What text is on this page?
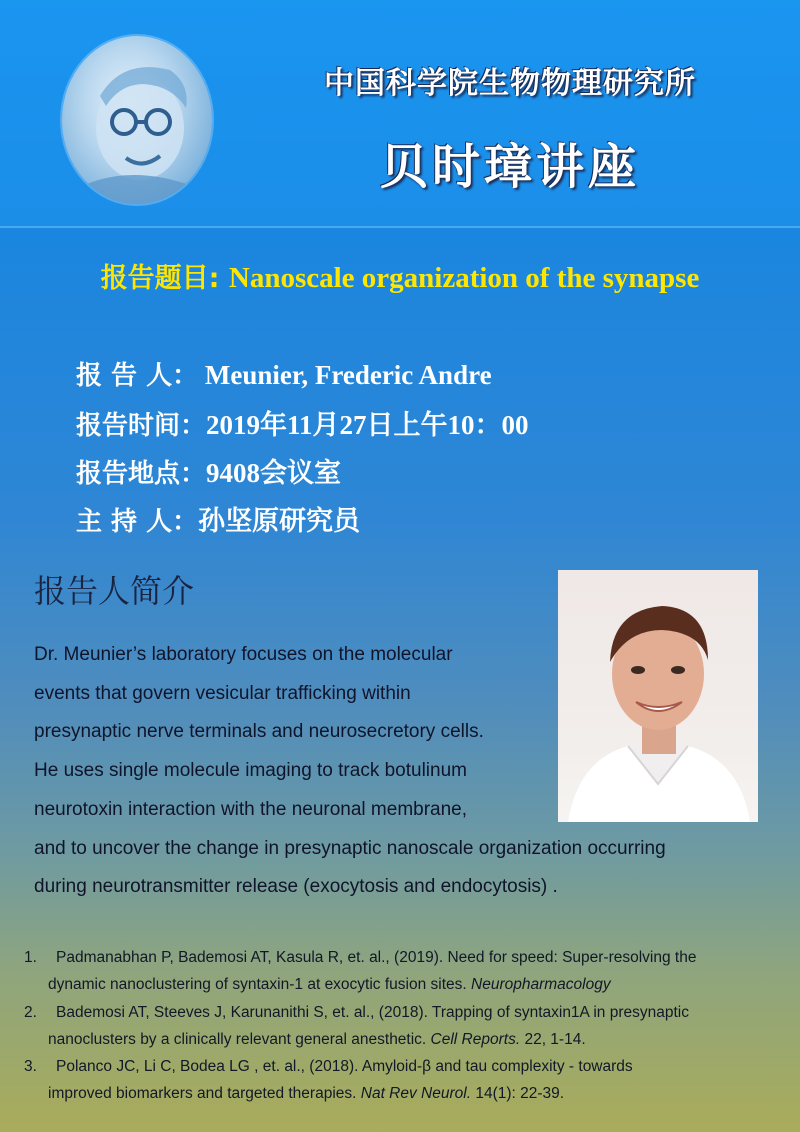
中国科学院生物物理研究所
贝时璋讲座
报告题目: Nanoscale organization of the synapse
报 告 人： Meunier, Frederic Andre
报告时间：2019年11月27日上午10：00
报告地点：9408会议室
主 持 人：孙坚原研究员
报告人简介
Dr. Meunier’s laboratory focuses on the molecular
events that govern vesicular trafficking within
presynaptic nerve terminals and neurosecretory cells.
He uses single molecule imaging to track botulinum
neurotoxin interaction with the neuronal membrane,
and to uncover the change in presynaptic nanoscale organization occurring
during neurotransmitter release (exocytosis and endocytosis) .
1.	Padmanabhan P, Bademosi AT, Kasula R, et. al., (2019). Need for speed: Super-resolving the
dynamic nanoclustering of syntaxin-1 at exocytic fusion sites. Neuropharmacology
2.	Bademosi AT, Steeves J, Karunanithi S, et. al., (2018). Trapping of syntaxin1A in presynaptic
nanoclusters by a clinically relevant general anesthetic. Cell Reports. 22, 1-14.
3.	Polanco JC, Li C, Bodea LG , et. al., (2018). Amyloid-β and tau complexity - towards
improved biomarkers and targeted therapies. Nat Rev Neurol. 14(1): 22-39.
